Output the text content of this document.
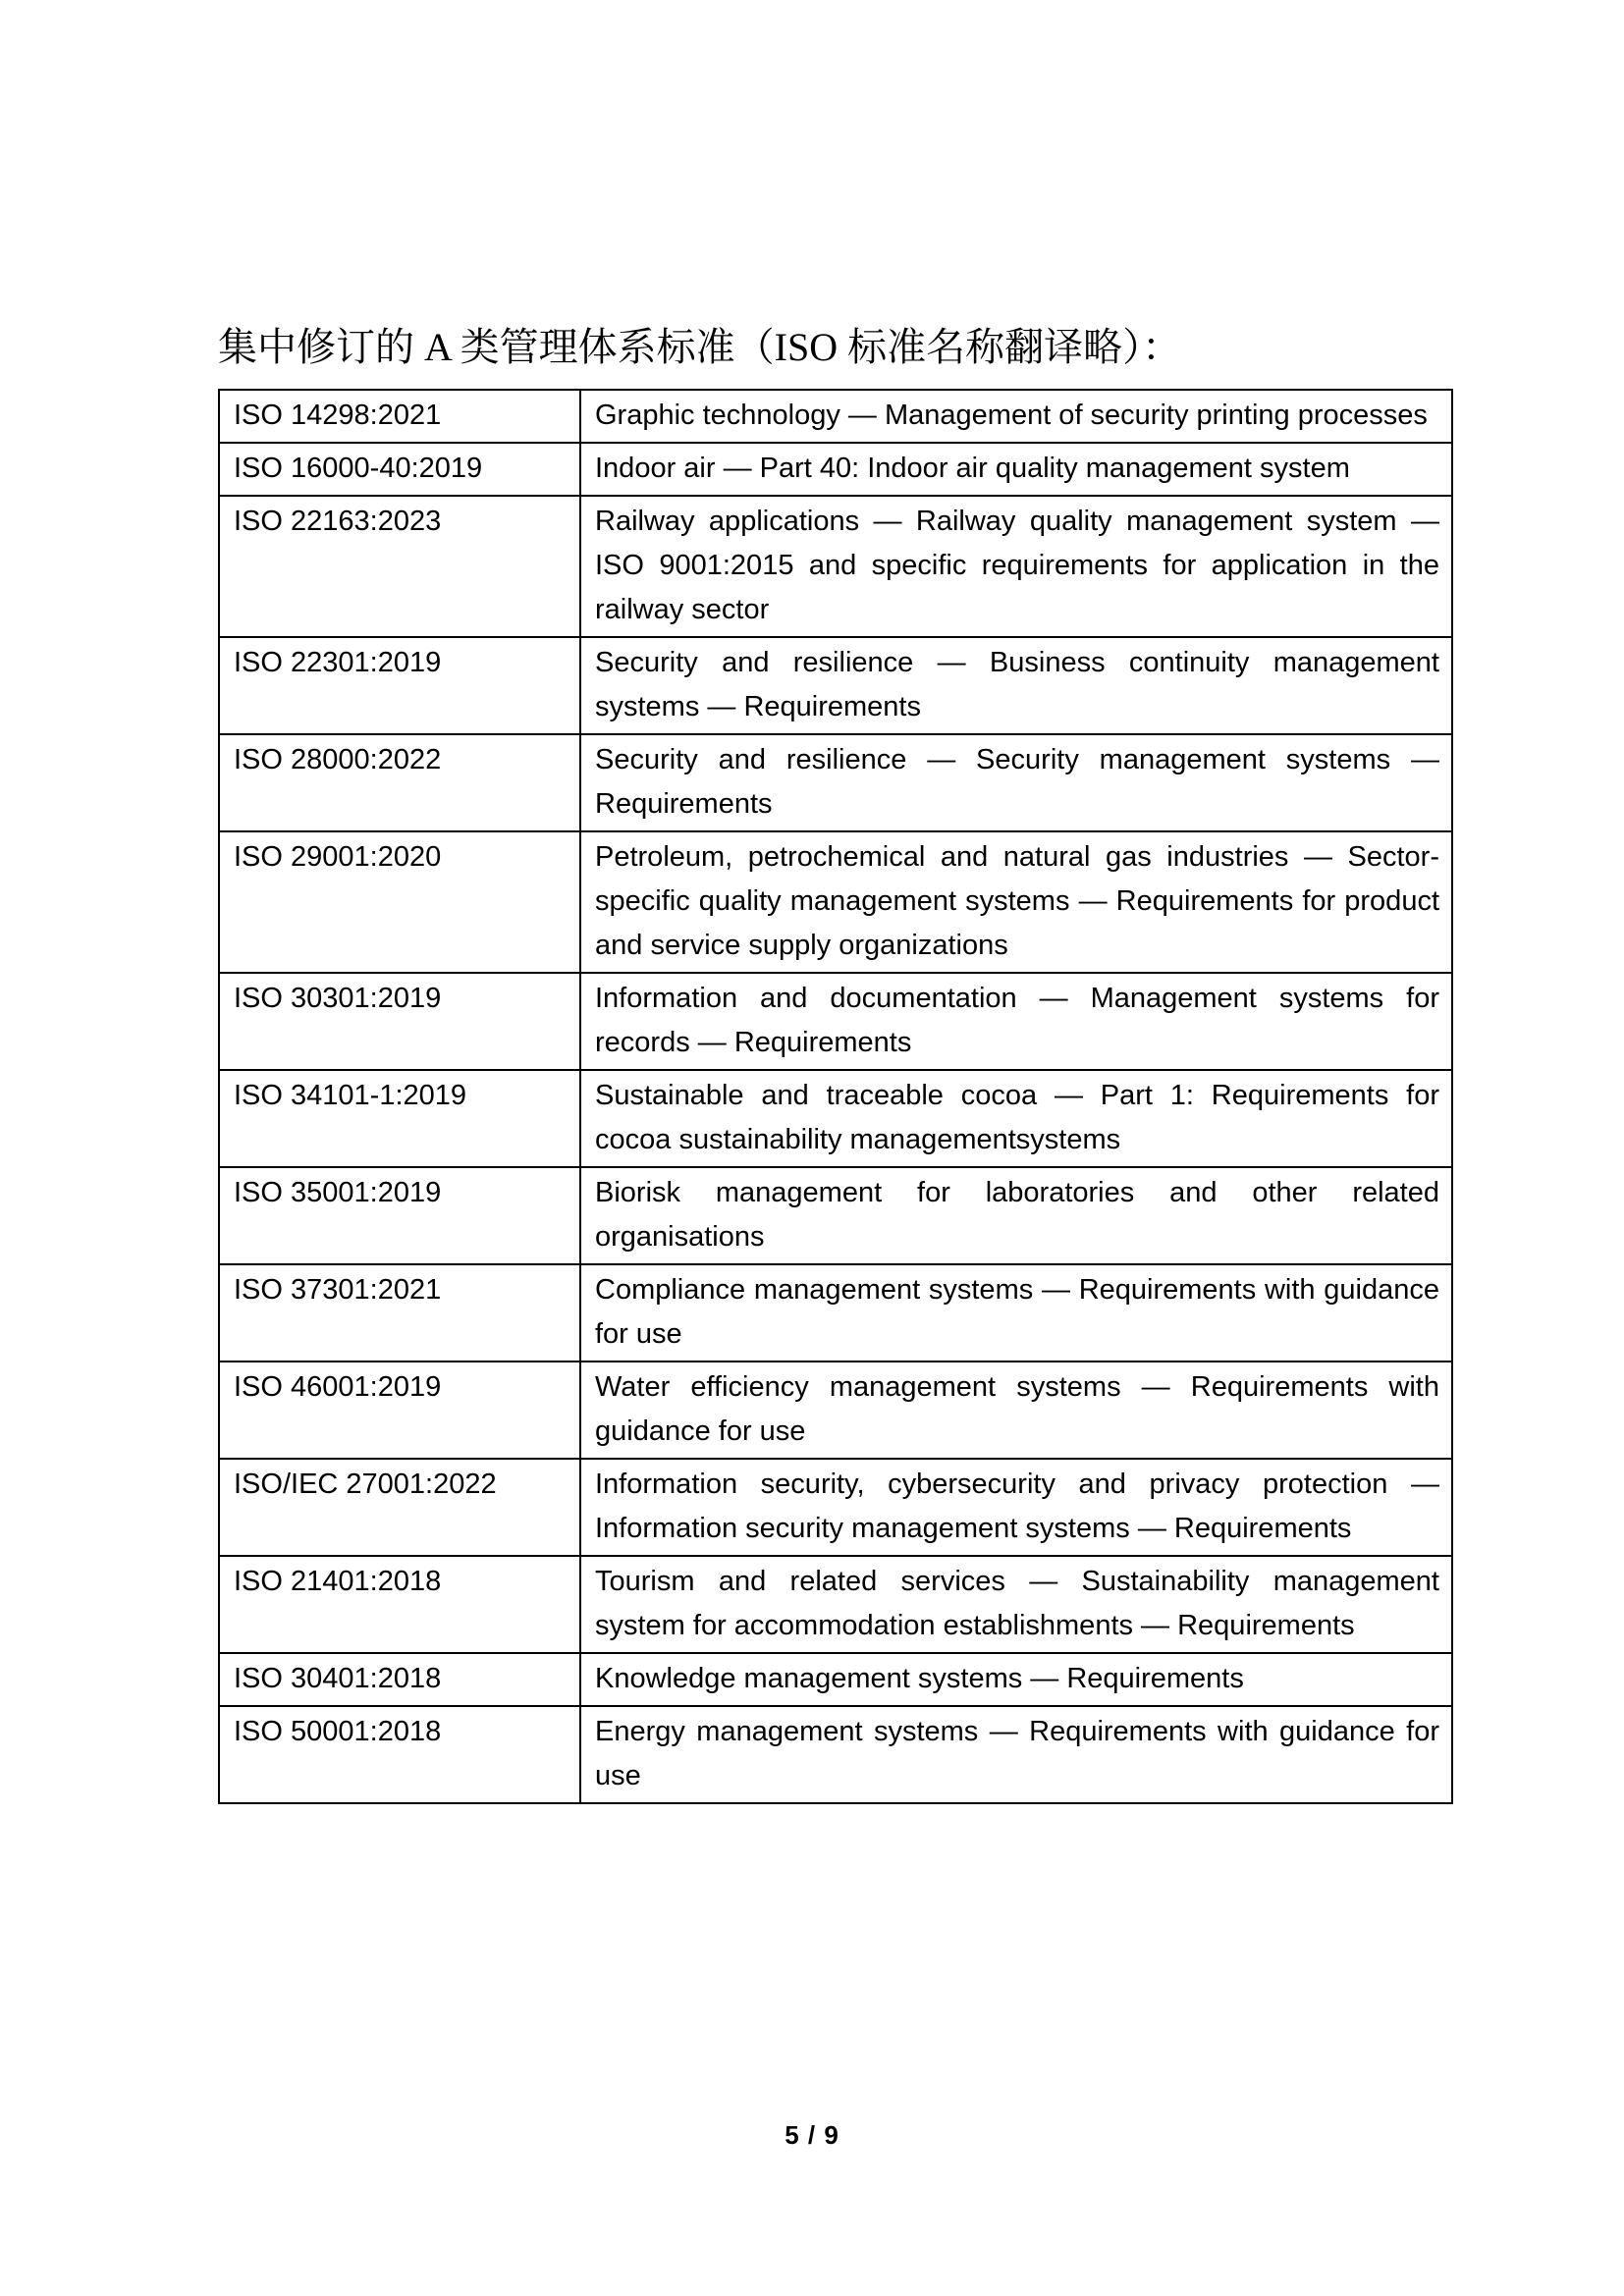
集中修订的 A 类管理体系标准（ISO 标准名称翻译略）：
ISO 14298:2021	Graphic technology — Management of security printing processes
ISO 16000-40:2019	Indoor air — Part 40: Indoor air quality management system
ISO 22163:2023	Railway applications — Railway quality management system — ISO 9001:2015 and specific requirements for application in the railway sector
ISO 22301:2019	Security and resilience — Business continuity management systems — Requirements
ISO 28000:2022	Security and resilience — Security management systems — Requirements
ISO 29001:2020	Petroleum, petrochemical and natural gas industries — Sector-specific quality management systems — Requirements for product and service supply organizations
ISO 30301:2019	Information and documentation — Management systems for records — Requirements
ISO 34101-1:2019	Sustainable and traceable cocoa — Part 1: Requirements for cocoa sustainability managementsystems
ISO 35001:2019	Biorisk management for laboratories and other related organisations
ISO 37301:2021	Compliance management systems — Requirements with guidance for use
ISO 46001:2019	Water efficiency management systems — Requirements with guidance for use
ISO/IEC 27001:2022	Information security, cybersecurity and privacy protection — Information security management systems — Requirements
ISO 21401:2018	Tourism and related services — Sustainability management system for accommodation establishments — Requirements
ISO 30401:2018	Knowledge management systems — Requirements
ISO 50001:2018	Energy management systems — Requirements with guidance for use
5 / 9
